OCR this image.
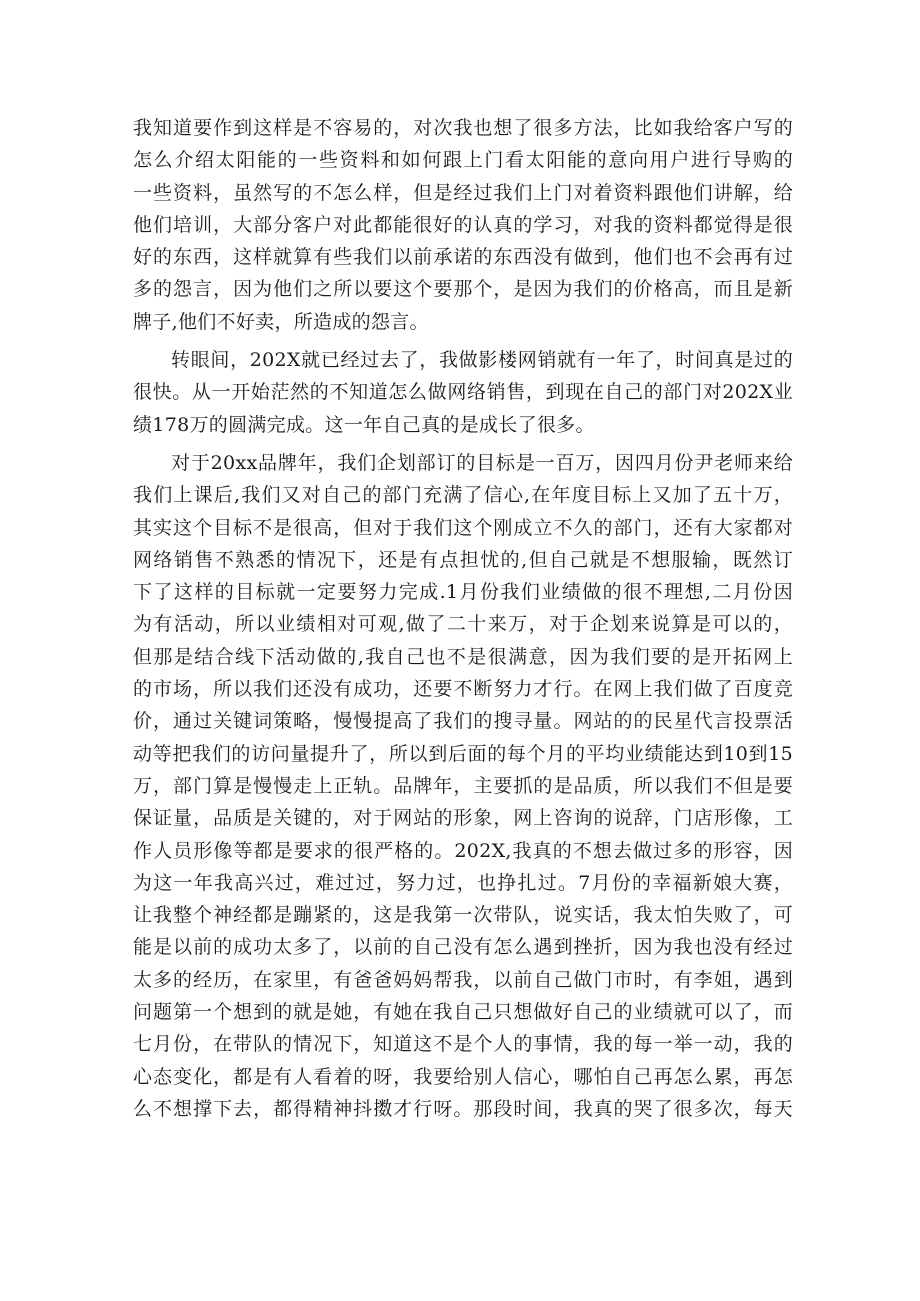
我知道要作到这样是不容易的，对次我也想了很多方法，比如我给客户写的
怎么介绍太阳能的一些资料和如何跟上门看太阳能的意向用户进行导购的
一些资料，虽然写的不怎么样，但是经过我们上门对着资料跟他们讲解，给
他们培训，大部分客户对此都能很好的认真的学习，对我的资料都觉得是很
好的东西，这样就算有些我们以前承诺的东西没有做到，他们也不会再有过
多的怨言，因为他们之所以要这个要那个，是因为我们的价格高，而且是新
牌子,他们不好卖，所造成的怨言。
转眼间，202X就已经过去了，我做影楼网销就有一年了，时间真是过的
很快。从一开始茫然的不知道怎么做网络销售，到现在自己的部门对202X业
绩178万的圆满完成。这一年自己真的是成长了很多。
对于20xx品牌年，我们企划部订的目标是一百万，因四月份尹老师来给
我们上课后,我们又对自己的部门充满了信心,在年度目标上又加了五十万，
其实这个目标不是很高，但对于我们这个刚成立不久的部门，还有大家都对
网络销售不熟悉的情况下，还是有点担忧的,但自己就是不想服输，既然订
下了这样的目标就一定要努力完成.1月份我们业绩做的很不理想,二月份因
为有活动，所以业绩相对可观,做了二十来万，对于企划来说算是可以的，
但那是结合线下活动做的,我自己也不是很满意，因为我们要的是开拓网上
的市场，所以我们还没有成功，还要不断努力才行。在网上我们做了百度竞
价，通过关键词策略，慢慢提高了我们的搜寻量。网站的的民星代言投票活
动等把我们的访问量提升了，所以到后面的每个月的平均业绩能达到10到15
万，部门算是慢慢走上正轨。品牌年，主要抓的是品质，所以我们不但是要
保证量，品质是关键的，对于网站的形象，网上咨询的说辞，门店形像，工
作人员形像等都是要求的很严格的。202X,我真的不想去做过多的形容，因
为这一年我高兴过，难过过，努力过，也挣扎过。7月份的幸福新娘大赛，
让我整个神经都是蹦紧的，这是我第一次带队，说实话，我太怕失败了，可
能是以前的成功太多了，以前的自己没有怎么遇到挫折，因为我也没有经过
太多的经历，在家里，有爸爸妈妈帮我，以前自己做门市时，有李姐，遇到
问题第一个想到的就是她，有她在我自己只想做好自己的业绩就可以了，而
七月份，在带队的情况下，知道这不是个人的事情，我的每一举一动，我的
心态变化，都是有人看着的呀，我要给别人信心，哪怕自己再怎么累，再怎
么不想撑下去，都得精神抖擞才行呀。那段时间，我真的哭了很多次，每天
